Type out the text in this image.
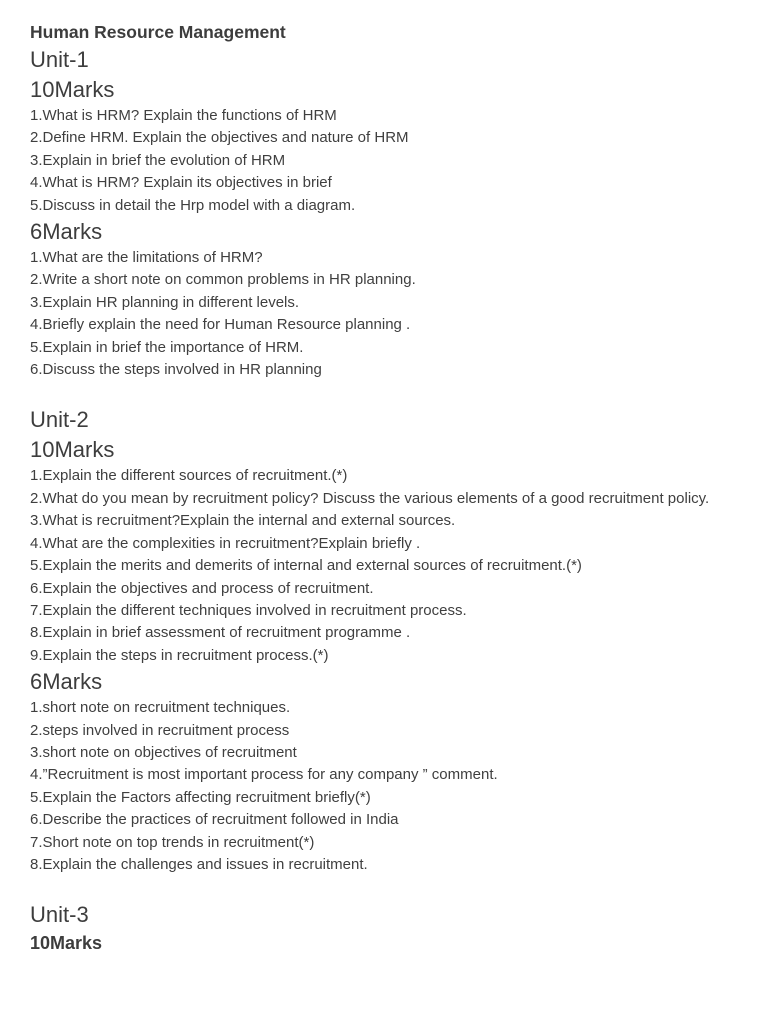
Human Resource Management
Unit-1
10Marks
1.What is HRM? Explain the functions of HRM
2.Define HRM. Explain the objectives and nature of HRM
3.Explain in brief the evolution of HRM
4.What is HRM? Explain its objectives in brief
5.Discuss in detail the Hrp model with a diagram.
6Marks
1.What are the limitations of HRM?
2.Write a short note on common problems in HR planning.
3.Explain HR planning in different levels.
4.Briefly explain the need for Human Resource planning .
5.Explain in brief the importance of HRM.
6.Discuss the steps involved in HR planning
Unit-2
10Marks
1.Explain the different sources of recruitment.(*)
2.What do you mean by recruitment policy? Discuss the various elements of a good recruitment policy.
3.What is recruitment?Explain the internal and external sources.
4.What are the complexities in recruitment?Explain briefly .
5.Explain the merits and demerits of internal and external sources of recruitment.(*)
6.Explain the objectives and process of recruitment.
7.Explain the different techniques involved in recruitment process.
8.Explain in brief assessment of recruitment programme .
9.Explain the steps in recruitment process.(*)
6Marks
1.short note on recruitment techniques.
2.steps involved in recruitment process
3.short note on objectives of recruitment
4.”Recruitment is most important process for any company ” comment.
5.Explain the Factors affecting recruitment briefly(*)
6.Describe the practices of recruitment followed in India
7.Short note on top trends in recruitment(*)
8.Explain the challenges and issues in recruitment.
Unit-3
10Marks
